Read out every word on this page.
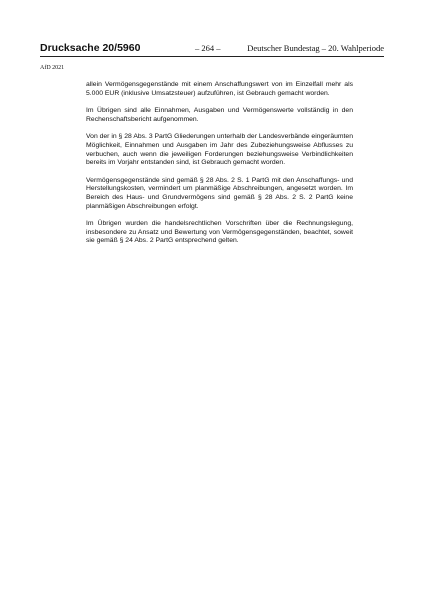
Drucksache 20/5960	– 264 –	Deutscher Bundestag – 20. Wahlperiode
AfD 2021

allein Vermögensgegenstände mit einem Anschaffungswert von im Einzelfall mehr als 5.000 EUR (inklusive Umsatzsteuer) aufzuführen, ist Gebrauch gemacht worden.

Im Übrigen sind alle Einnahmen, Ausgaben und Vermögenswerte vollständig in den Rechenschaftsbericht aufgenommen.

Von der in § 28 Abs. 3 PartG Gliederungen unterhalb der Landesverbände eingeräumten Möglichkeit, Einnahmen und Ausgaben im Jahr des Zubeziehungsweise Abflusses zu verbuchen, auch wenn die jeweiligen Forderungen beziehungsweise Verbindlichkeiten bereits im Vorjahr entstanden sind, ist Gebrauch gemacht worden.

Vermögensgegenstände sind gemäß § 28 Abs. 2 S. 1 PartG mit den Anschaffungs- und Herstellungskosten, vermindert um planmäßige Abschreibungen, angesetzt worden. Im Bereich des Haus- und Grundvermögens sind gemäß § 28 Abs. 2 S. 2 PartG keine planmäßigen Abschreibungen erfolgt.

Im Übrigen wurden die handelsrechtlichen Vorschriften über die Rechnungslegung, insbesondere zu Ansatz und Bewertung von Vermögensgegenständen, beachtet, soweit sie gemäß § 24 Abs. 2 PartG entsprechend gelten.
